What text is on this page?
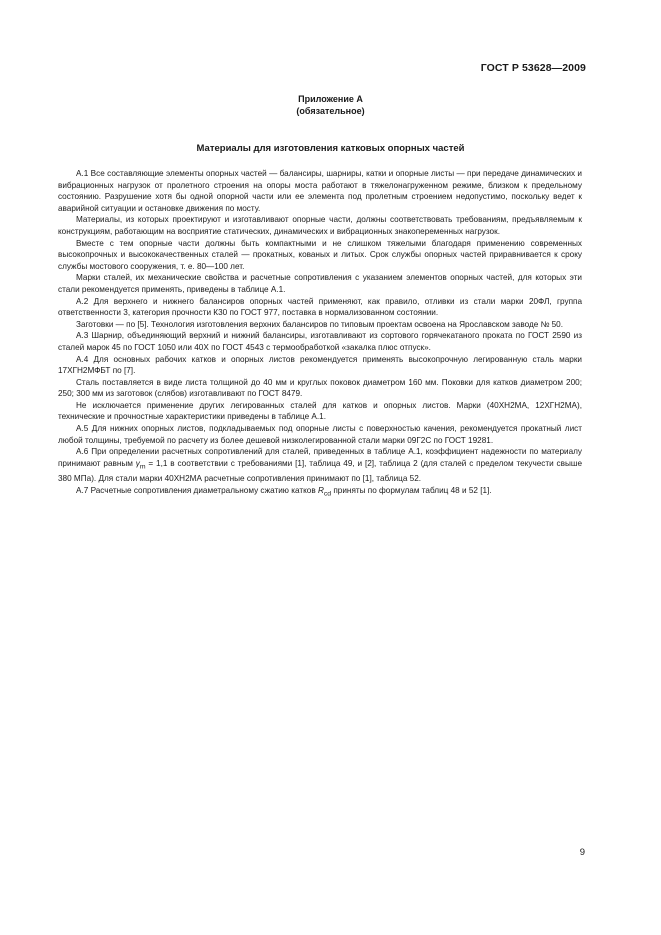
ГОСТ Р 53628—2009
Приложение А
(обязательное)
Материалы для изготовления катковых опорных частей

А.1 Все составляющие элементы опорных частей — балансиры, шарниры, катки и опорные листы — при передаче динамических и вибрационных нагрузок от пролетного строения на опоры моста работают в тяжелонагруженном режиме, близком к предельному состоянию. Разрушение хотя бы одной опорной части или ее элемента под пролетным строением недопустимо, поскольку ведет к аварийной ситуации и остановке движения по мосту.

Материалы, из которых проектируют и изготавливают опорные части, должны соответствовать требованиям, предъявляемым к конструкциям, работающим на восприятие статических, динамических и вибрационных знакопеременных нагрузок.

Вместе с тем опорные части должны быть компактными и не слишком тяжелыми благодаря применению современных высокопрочных и высококачественных сталей — прокатных, кованых и литых. Срок службы опорных частей приравнивается к сроку службы мостового сооружения, т. е. 80—100 лет.

Марки сталей, их механические свойства и расчетные сопротивления с указанием элементов опорных частей, для которых эти стали рекомендуется применять, приведены в таблице А.1.

А.2 Для верхнего и нижнего балансиров опорных частей применяют, как правило, отливки из стали марки 20ФЛ, группа ответственности 3, категория прочности К30 по ГОСТ 977, поставка в нормализованном состоянии.

Заготовки — по [5]. Технология изготовления верхних балансиров по типовым проектам освоена на Ярославском заводе № 50.

А.3 Шарнир, объединяющий верхний и нижний балансиры, изготавливают из сортового горячекатаного проката по ГОСТ 2590 из сталей марок 45 по ГОСТ 1050 или 40Х по ГОСТ 4543 с термообработкой «закалка плюс отпуск».

А.4 Для основных рабочих катков и опорных листов рекомендуется применять высокопрочную легированную сталь марки 17ХГН2МФБТ по [7].

Сталь поставляется в виде листа толщиной до 40 мм и круглых поковок диаметром 160 мм. Поковки для катков диаметром 200; 250; 300 мм из заготовок (слябов) изготавливают по ГОСТ 8479.

Не исключается применение других легированных сталей для катков и опорных листов. Марки (40ХН2МА, 12ХГН2МА), технические и прочностные характеристики приведены в таблице А.1.

А.5 Для нижних опорных листов, подкладываемых под опорные листы с поверхностью качения, рекомендуется прокатный лист любой толщины, требуемой по расчету из более дешевой низколегированной стали марки 09Г2С по ГОСТ 19281.

А.6 При определении расчетных сопротивлений для сталей, приведенных в таблице А.1, коэффициент надежности по материалу принимают равным $\gamma_m = 1,1$ в соответствии с требованиями [1], таблица 49, и [2], таблица 2 (для сталей с пределом текучести свыше 380 МПа). Для стали марки 40ХН2МА расчетные сопротивления принимают по [1], таблица 52.

А.7 Расчетные сопротивления диаметральному сжатию катков $R_{cd}$ приняты по формулам таблиц 48 и 52 [1].

9
